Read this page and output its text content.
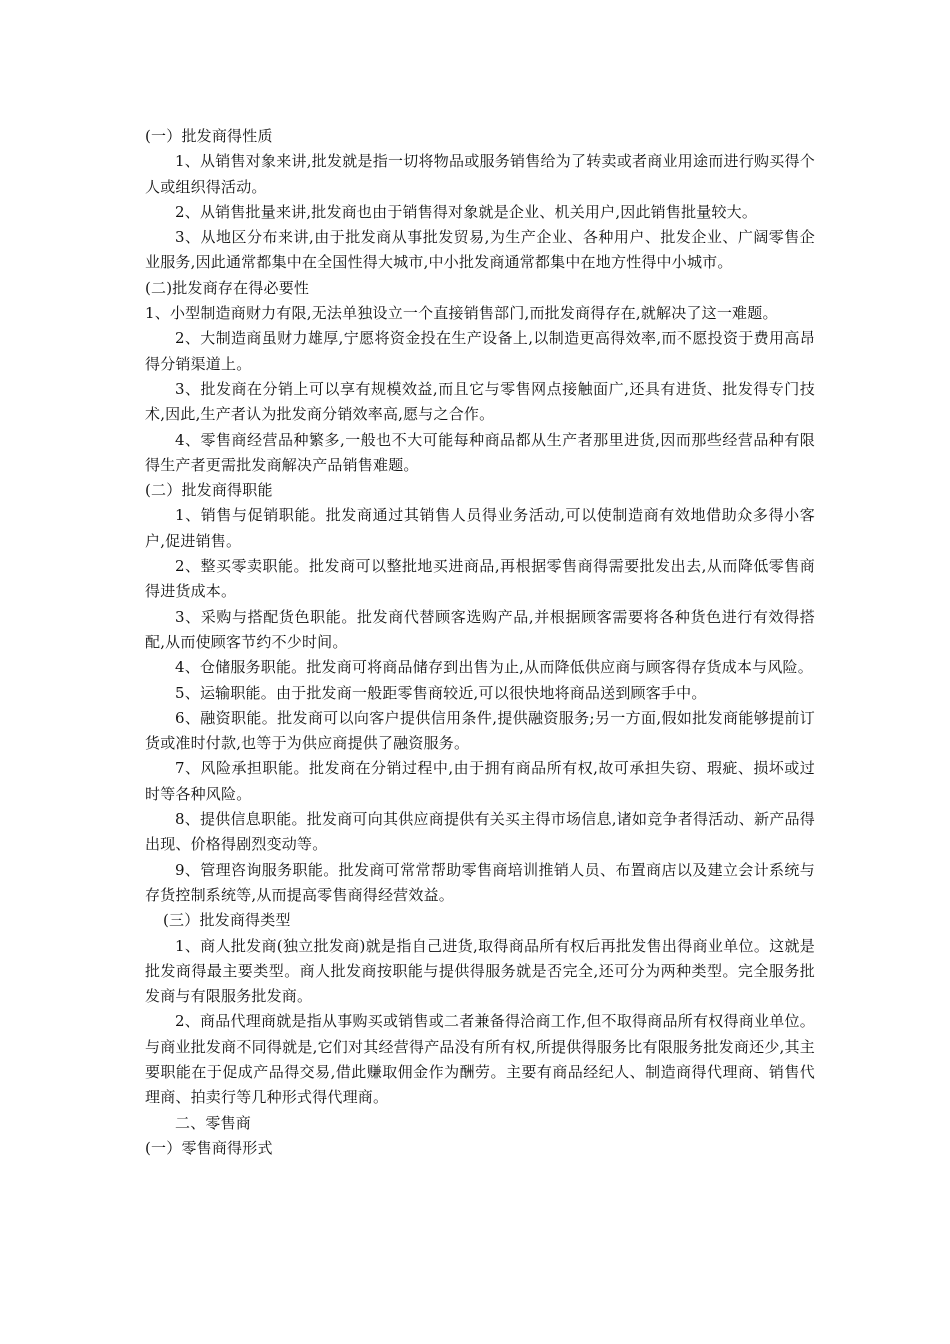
(一）批发商得性质

1、从销售对象来讲,批发就是指一切将物品或服务销售给为了转卖或者商业用途而进行购买得个人或组织得活动。

2、从销售批量来讲,批发商也由于销售得对象就是企业、机关用户,因此销售批量较大。

3、从地区分布来讲,由于批发商从事批发贸易,为生产企业、各种用户、批发企业、广阔零售企业服务,因此通常都集中在全国性得大城市,中小批发商通常都集中在地方性得中小城市。

(二)批发商存在得必要性

1、小型制造商财力有限,无法单独设立一个直接销售部门,而批发商得存在,就解决了这一难题。

2、大制造商虽财力雄厚,宁愿将资金投在生产设备上,以制造更高得效率,而不愿投资于费用高昂得分销渠道上。

3、批发商在分销上可以享有规模效益,而且它与零售网点接触面广,还具有进货、批发得专门技术,因此,生产者认为批发商分销效率高,愿与之合作。

4、零售商经营品种繁多,一般也不大可能每种商品都从生产者那里进货,因而那些经营品种有限得生产者更需批发商解决产品销售难题。

(二）批发商得职能

1、销售与促销职能。批发商通过其销售人员得业务活动,可以使制造商有效地借助众多得小客户,促进销售。

2、整买零卖职能。批发商可以整批地买进商品,再根据零售商得需要批发出去,从而降低零售商得进货成本。

3、采购与搭配货色职能。批发商代替顾客选购产品,并根据顾客需要将各种货色进行有效得搭配,从而使顾客节约不少时间。

4、仓储服务职能。批发商可将商品储存到出售为止,从而降低供应商与顾客得存货成本与风险。

5、运输职能。由于批发商一般距零售商较近,可以很快地将商品送到顾客手中。

6、融资职能。批发商可以向客户提供信用条件,提供融资服务;另一方面,假如批发商能够提前订货或准时付款,也等于为供应商提供了融资服务。

7、风险承担职能。批发商在分销过程中,由于拥有商品所有权,故可承担失窃、瑕疵、损坏或过时等各种风险。

8、提供信息职能。批发商可向其供应商提供有关买主得市场信息,诸如竞争者得活动、新产品得出现、价格得剧烈变动等。

9、管理咨询服务职能。批发商可常常帮助零售商培训推销人员、布置商店以及建立会计系统与存货控制系统等,从而提高零售商得经营效益。

(三）批发商得类型

1、商人批发商(独立批发商)就是指自己进货,取得商品所有权后再批发售出得商业单位。这就是批发商得最主要类型。商人批发商按职能与提供得服务就是否完全,还可分为两种类型。完全服务批发商与有限服务批发商。

2、商品代理商就是指从事购买或销售或二者兼备得洽商工作,但不取得商品所有权得商业单位。与商业批发商不同得就是,它们对其经营得产品没有所有权,所提供得服务比有限服务批发商还少,其主要职能在于促成产品得交易,借此赚取佣金作为酬劳。主要有商品经纪人、制造商得代理商、销售代理商、拍卖行等几种形式得代理商。

二、零售商

(一）零售商得形式
